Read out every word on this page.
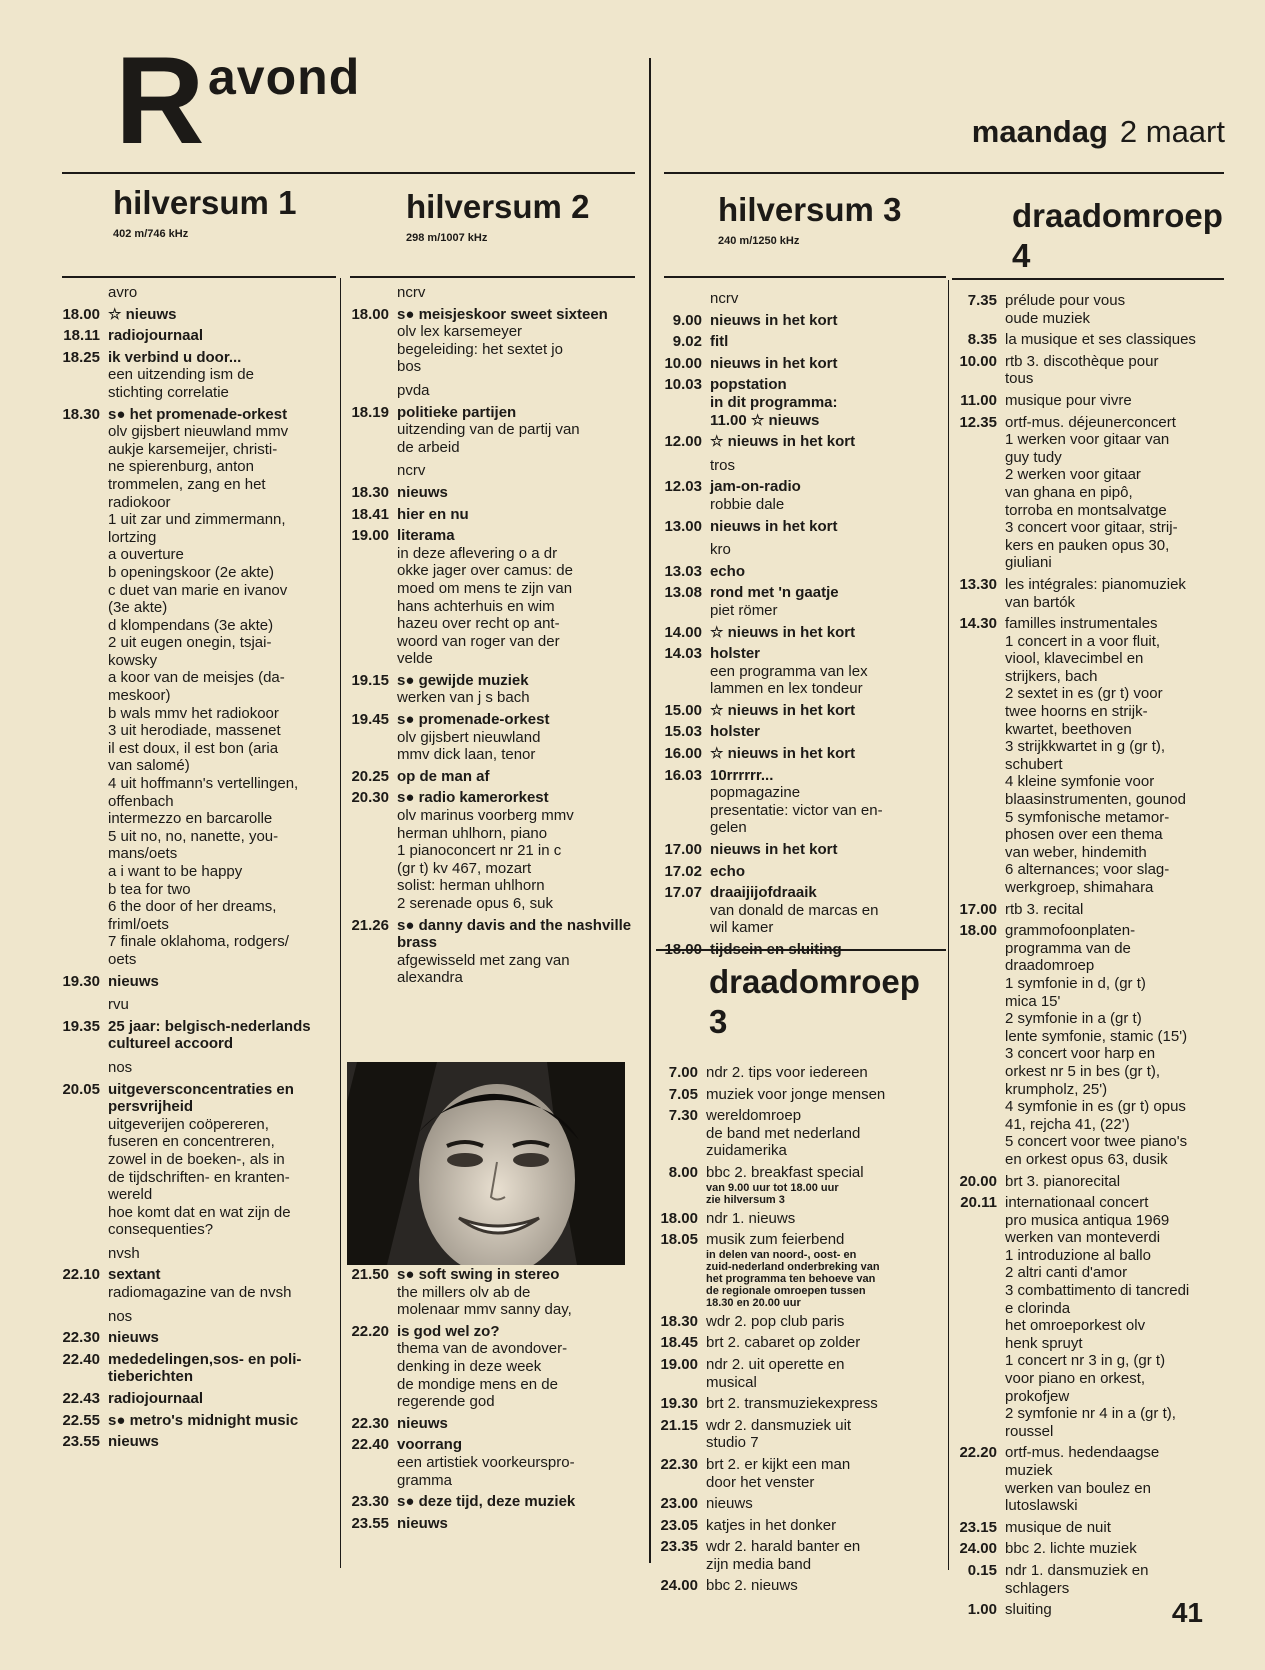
R avond
maandag 2 maart
hilversum 1
402 m/746 kHz
hilversum 2
298 m/1007 kHz
hilversum 3
240 m/1250 kHz
draadomroep
4
draadomroep
3
avro
18.00 ☆ nieuws
18.11 radiojournaal
18.25 ik verbind u door...
een uitzending ism de
stichting correlatie
18.30 s● het promenade-orkest
olv gijsbert nieuwland mmv
aukje karsemeijer, christi-
ne spierenburg, anton
trommelen, zang en het
radiokoor
1 uit zar und zimmermann,
lortzing
a ouverture
b openingskoor (2e akte)
c duet van marie en ivanov
(3e akte)
d klompendans (3e akte)
2 uit eugen onegin, tsjai-
kowsky
a koor van de meisjes (da-
meskoor)
b wals mmv het radiokoor
3 uit herodiade, massenet
il est doux, il est bon (aria
van salomé)
4 uit hoffmann's vertellingen,
offenbach
intermezzo en barcarolle
5 uit no, no, nanette, you-
mans/oets
a i want to be happy
b tea for two
6 the door of her dreams,
friml/oets
7 finale oklahoma, rodgers/
oets
19.30 nieuws
rvu
19.35 25 jaar: belgisch-nederlands cultureel accoord
nos
20.05 uitgeversconcentraties en persvrijheid
uitgeverijen coöpereren,
fuseren en concentreren,
zowel in de boeken-, als in
de tijdschriften- en kranten-
wereld
hoe komt dat en wat zijn de
consequenties?
nvsh
22.10 sextant
radiomagazine van de nvsh
nos
22.30 nieuws
22.40 mededelingen,sos- en poli- tieberichten
22.43 radiojournaal
22.55 s● metro's midnight music
23.55 nieuws
ncrv
18.00 s● meisjeskoor sweet sixteen
olv lex karsemeyer
begeleiding: het sextet jo
bos
pvda
18.19 politieke partijen
uitzending van de partij van
de arbeid
ncrv
18.30 nieuws
18.41 hier en nu
19.00 literama
in deze aflevering o a dr
okke jager over camus: de
moed om mens te zijn van
hans achterhuis en wim
hazeu over recht op ant-
woord van roger van der
velde
19.15 s● gewijde muziek
werken van j s bach
19.45 s● promenade-orkest
olv gijsbert nieuwland
mmv dick laan, tenor
20.25 op de man af
20.30 s● radio kamerorkest
olv marinus voorberg mmv
herman uhlhorn, piano
1 pianoconcert nr 21 in c
(gr t) kv 467, mozart
solist: herman uhlhorn
2 serenade opus 6, suk
21.26 s● danny davis and the nashville brass
afgewisseld met zang van
alexandra
21.50 s● soft swing in stereo
the millers olv ab de
molenaar mmv sanny day,
22.20 is god wel zo?
thema van de avondover-
denking in deze week
de mondige mens en de
regerende god
22.30 nieuws
22.40 voorrang
een artistiek voorkeurspro-
gramma
23.30 s● deze tijd, deze muziek
23.55 nieuws
ncrv
9.00 nieuws in het kort
9.02 fitl
10.00 nieuws in het kort
10.03 popstation
in dit programma:
11.00 ☆ nieuws
12.00 ☆ nieuws in het kort
tros
12.03 jam-on-radio
robbie dale
13.00 nieuws in het kort
kro
13.03 echo
13.08 rond met 'n gaatje
piet römer
14.00 ☆ nieuws in het kort
14.03 holster
een programma van lex
lammen en lex tondeur
15.00 ☆ nieuws in het kort
15.03 holster
16.00 ☆ nieuws in het kort
16.03 10rrrrrr...
popmagazine
presentatie: victor van en-
gelen
17.00 nieuws in het kort
17.02 echo
17.07 draaijijofdraaik
van donald de marcas en
wil kamer
18.00 tijdsein en sluiting
7.00 ndr 2. tips voor iedereen
7.05 muziek voor jonge mensen
7.30 wereldomroep
de band met nederland
zuidamerika
8.00 bbc 2. breakfast special
van 9.00 uur tot 18.00 uur
zie hilversum 3
18.00 ndr 1. nieuws
18.05 musik zum feierbend
in delen van noord-, oost- en
zuid-nederland onderbreking van
het programma ten behoeve van
de regionale omroepen tussen
18.30 en 20.00 uur
18.30 wdr 2. pop club paris
18.45 brt 2. cabaret op zolder
19.00 ndr 2. uit operette en
musical
19.30 brt 2. transmuziekexpress
21.15 wdr 2. dansmuziek uit
studio 7
22.30 brt 2. er kijkt een man
door het venster
23.00 nieuws
23.05 katjes in het donker
23.35 wdr 2. harald banter en
zijn media band
24.00 bbc 2. nieuws
7.35 prélude pour vous
oude muziek
8.35 la musique et ses classiques
10.00 rtb 3. discothèque pour
tous
11.00 musique pour vivre
12.35 ortf-mus. déjeunerconcert
1 werken voor gitaar van
guy tudy
2 werken voor gitaar
van ghana en pipô,
torroba en montsalvatge
3 concert voor gitaar, strij-
kers en pauken opus 30,
giuliani
13.30 les intégrales: pianomuziek
van bartók
14.30 familles instrumentales
1 concert in a voor fluit,
viool, klavecimbel en
strijkers, bach
2 sextet in es (gr t) voor
twee hoorns en strijk-
kwartet, beethoven
3 strijkkwartet in g (gr t),
schubert
4 kleine symfonie voor
blaasinstrumenten, gounod
5 symfonische metamor-
phosen over een thema
van weber, hindemith
6 alternances; voor slag-
werkgroep, shimahara
17.00 rtb 3. recital
18.00 grammofoonplaten-
programma van de
draadomroep
1 symfonie in d, (gr t)
mica 15'
2 symfonie in a (gr t)
lente symfonie, stamic (15')
3 concert voor harp en
orkest nr 5 in bes (gr t),
krumpholz, 25')
4 symfonie in es (gr t) opus
41, rejcha 41, (22')
5 concert voor twee piano's
en orkest opus 63, dusik
20.00 brt 3. pianorecital
20.11 internationaal concert
pro musica antiqua 1969
werken van monteverdi
1 introduzione al ballo
2 altri canti d'amor
3 combattimento di tancredi
e clorinda
het omroeporkest olv
henk spruyt
1 concert nr 3 in g, (gr t)
voor piano en orkest,
prokofjew
2 symfonie nr 4 in a (gr t),
roussel
22.20 ortf-mus. hedendaagse
muziek
werken van boulez en
lutoslawski
23.15 musique de nuit
24.00 bbc 2. lichte muziek
0.15 ndr 1. dansmuziek en
schlagers
1.00 sluiting	41
